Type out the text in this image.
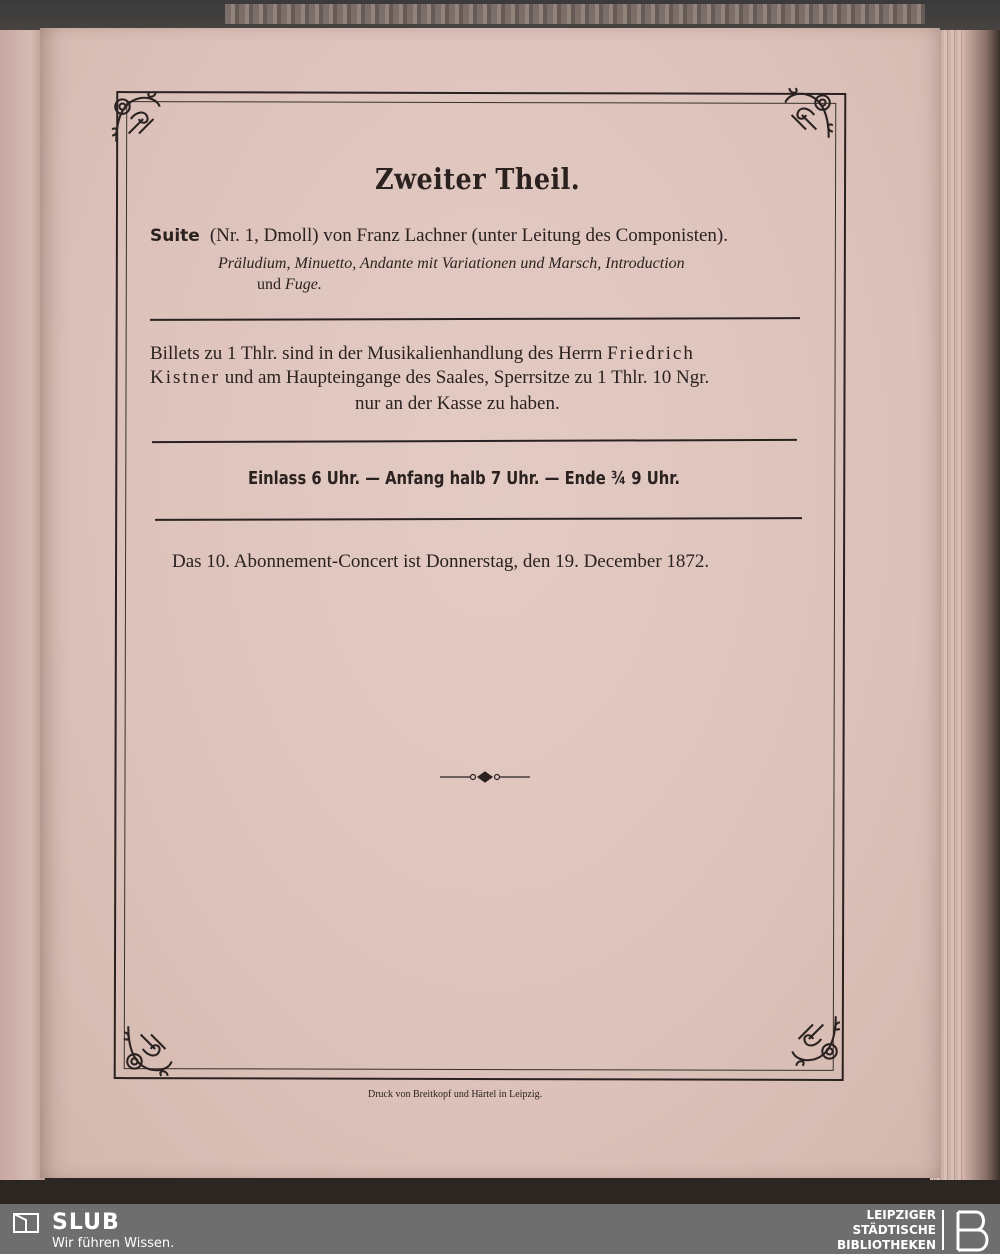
Zweiter Theil.
Suite (Nr. 1, Dmoll) von Franz Lachner (unter Leitung des Componisten).
Präludium, Minuetto, Andante mit Variationen und Marsch, Introduction
und Fuge.
Billets zu 1 Thlr. sind in der Musikalienhandlung des Herrn Friedrich
Kistner und am Haupteingange des Saales, Sperrsitze zu 1 Thlr. 10 Ngr.
nur an der Kasse zu haben.
Einlass 6 Uhr. — Anfang halb 7 Uhr. — Ende ¾ 9 Uhr.
Das 10. Abonnement-Concert ist Donnerstag, den 19. December 1872.
Druck von Breitkopf und Härtel in Leipzig.
SLUB
Wir führen Wissen.
LEIPZIGER
STÄDTISCHE
BIBLIOTHEKEN
